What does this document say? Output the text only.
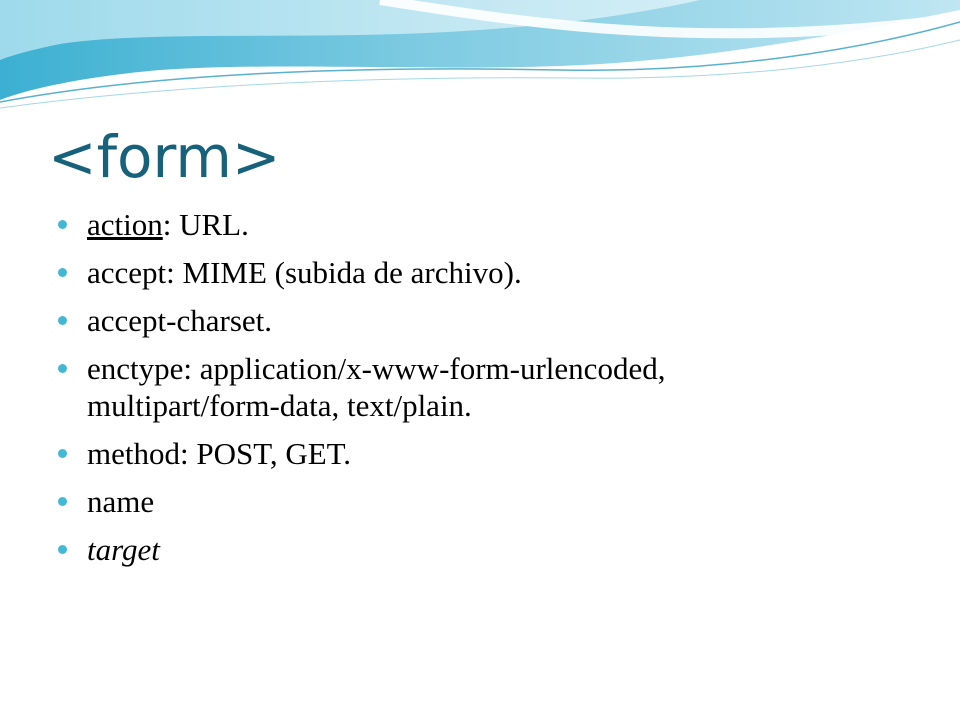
<form>
action: URL.
accept: MIME (subida de archivo).
accept-charset.
enctype: application/x-www-form-urlencoded,
multipart/form-data, text/plain.
method: POST, GET.
name
target
